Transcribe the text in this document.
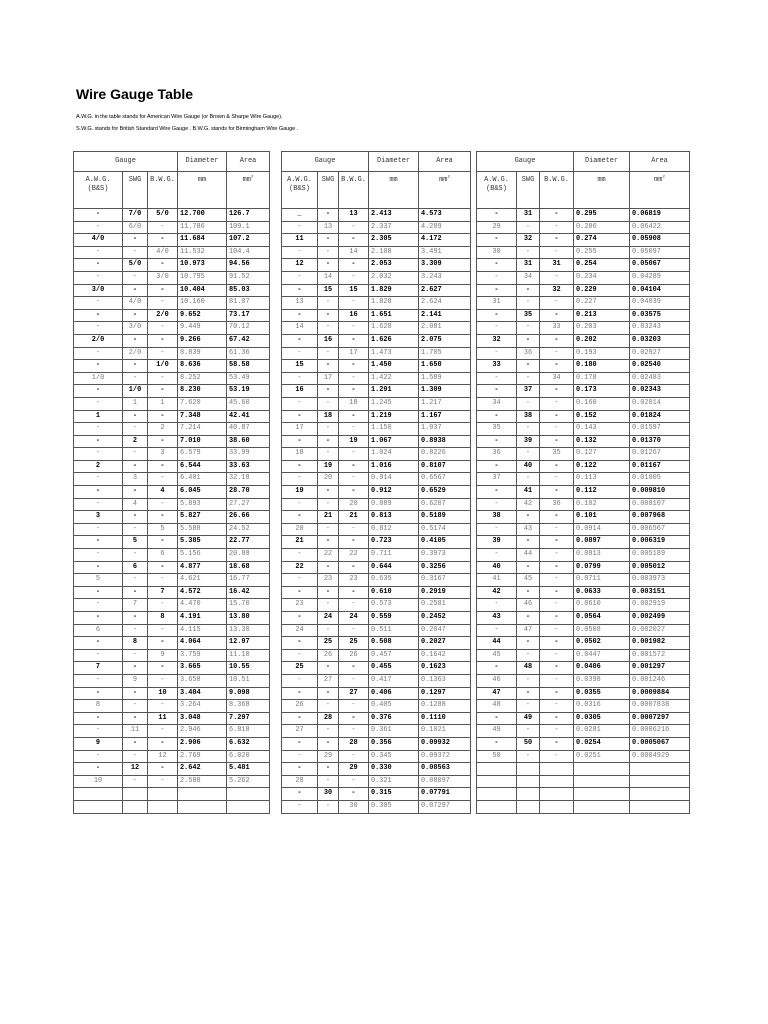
Wire Gauge Table
A.W.G. in the table stands for American Wire Gauge (or Brown & Sharpe Wire Gauge).
S.W.G. stands for British Standard Wire Gauge . B.W.G. stands for Birmingham Wire Gauge .
Gauge			Diameter	Area
A.W.G.
(B&S)	SWG	B.W.G.	mm	$mm^2$
-	7/0	5/0	12.700	126.7
-	6/0	-	11.786	109.1
4/0	-	-	11.684	107.2
-	-	4/0	11.532	104.4
-	5/0	-	10.973	94.56
-	-	3/0	10.795	91.52
3/0	-	-	10.404	85.03
-	4/0	-	10.160	81.07
-	-	2/0	9.652	73.17
-	3/0	-	9.449	70.12
2/0	-	-	9.266	67.42
-	2/0	-	8.839	61.36
-	-	1/0	8.636	58.58
1/0	-	-	8.252	53.49
-	1/0	-	8.230	53.19
-	1	1	7.620	45.60
1	-	-	7.348	42.41
-	-	2	7.214	40.87
-	2	-	7.010	38.60
-	-	3	6.579	33.99
2	-	-	6.544	33.63
-	3	-	6.401	32.18
-	-	4	6.045	28.70
-	4	-	5.893	27.27
3	-	-	5.827	26.66
-	-	5	5.588	24.52
-	5	-	5.385	22.77
-	-	6	5.156	20.88
-	6	-	4.877	18.68
5	-	-	4.621	16.77
-	-	7	4.572	16.42
-	7	-	4.470	15.70
-	-	8	4.191	13.80
6	-	-	4.115	13.30
-	8	-	4.064	12.97
-	-	9	3.759	11.10
7	-	-	3.665	10.55
-	9	-	3.658	10.51
-	-	10	3.404	9.098
8	-	-	3.264	8.368
-	-	11	3.048	7.297
-	11	-	2.946	6.818
9	-	-	2.906	6.632
-	-	12	2.769	6.020
-	12	-	2.642	5.481
10	-	-	2.588	5.262

Gauge			Diameter	Area
A.W.G.
(B&S)	SWG	B.W.G.	mm	$mm^2$
_	-	13	2.413	4.573
-	13	-	2.337	4.289
11	-	-	2.305	4.172
-	-	14	2.108	3.491
12	-	-	2.053	3.309
-	14	-	2.032	3.243
-	15	15	1.829	2.627
13	-	-	1.828	2.624
-	-	16	1.651	2.141
14	-	-	1.628	2.081
-	16	-	1.626	2.075
-	-	17	1.473	1.705
15	-	-	1.450	1.650
-	17	-	1.422	1.589
16	-	-	1.291	1.309
-	-	18	1.245	1.217
-	18	-	1.219	1.167
17	-	-	1.150	1.037
-	-	19	1.067	0.8938
18	-	-	1.024	0.8226
-	19	-	1.016	0.8107
-	20	-	0.914	0.6567
19	-	-	0.912	0.6529
-	-	20	0.889	0.6207
-	21	21	0.813	0.5189
20	-	-	0.812	0.5174
21	-	-	0.723	0.4105
-	22	22	0.711	0.3973
22	-	-	0.644	0.3256
-	23	23	0.635	0.3167
-	-	-	0.610	0.2919
23	-	-	0.573	0.2581
-	24	24	0.559	0.2452
24	-	-	0.511	0.2047
-	25	25	0.508	0.2027
-	26	26	0.457	0.1642
25	-	-	0.455	0.1623
-	27	-	0.417	0.1363
-	-	27	0.406	0.1297
26	-	-	0.405	0.1288
-	28	-	0.376	0.1110
27	-	-	0.361	0.1021
-	-	28	0.356	0.09932
-	29	-	0.345	0.09372
-	-	29	0.330	0.08563
28	-	-	0.321	0.08097
-	30	-	0.315	0.07791
-	-	30	0.305	0.07297
Gauge			Diameter	Area
A.W.G.
(B&S)	SWG	B.W.G.	mm	$mm^2$
-	31	-	0.295	0.06819
29	-	-	0.286	0.06422
-	32	-	0.274	0.05908
30	-	-	0.255	0.05097
-	31	31	0.254	0.05067
-	34	-	0.234	0.04289
-	-	32	0.229	0.04104
31	-	-	0.227	0.04039
-	35	-	0.213	0.03575
-	-	33	0.203	0.03243
32	-	-	0.202	0.03203
-	36	-	0.193	0.02927
33	-	-	0.180	0.02540
-	-	34	0.178	0.02483
-	37	-	0.173	0.02343
34	-	-	0.160	0.02014
-	38	-	0.152	0.01824
35	-	-	0.143	0.01597
-	39	-	0.132	0.01370
36	-	35	0.127	0.01267
-	40	-	0.122	0.01167
37	-	-	0.113	0.01005
-	41	-	0.112	0.009810
-	42	36	0.102	0.008107
38	-	-	0.101	0.007968
-	43	-	0.0914	0.006567
39	-	-	0.0897	0.006319
-	44	-	0.0813	0.005189
40	-	-	0.0799	0.005012
41	45	-	0.0711	0.003973
42	-	-	0.0633	0.003151
-	46	-	0.0610	0.002919
43	-	-	0.0564	0.002499
-	47	-	0.0508	0.002027
44	-	-	0.0502	0.001982
45	-	-	0.0447	0.001572
-	48	-	0.0406	0.001297
46	-	-	0.0398	0.001246
47	-	-	0.0355	0.0009884
48	-	-	0.0316	0.0007838
-	49	-	0.0305	0.0007297
49	-	-	0.0281	0.0006216
-	50	-	0.0254	0.0005067
50	-	-	0.0251	0.0004929
